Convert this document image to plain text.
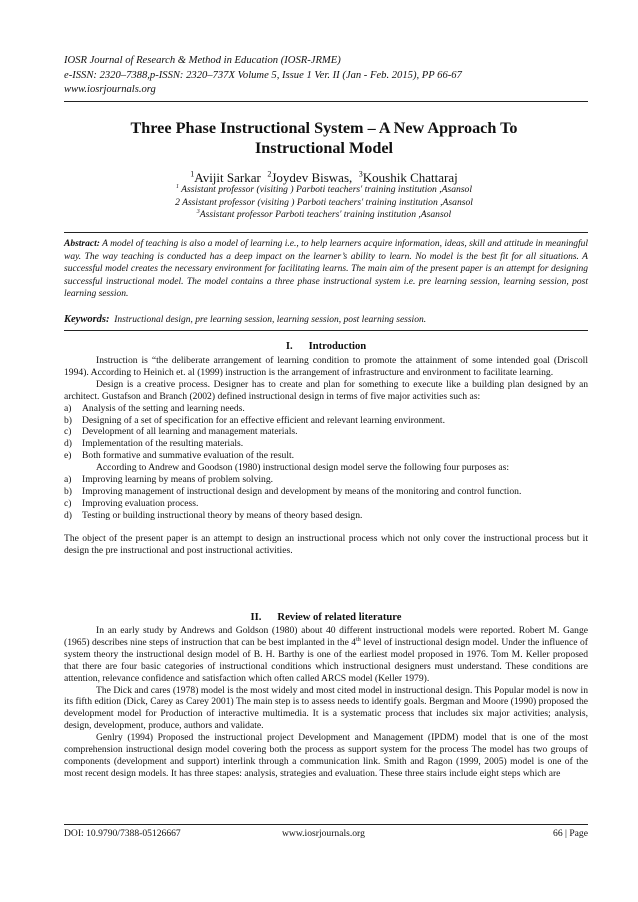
IOSR Journal of Research & Method in Education (IOSR-JRME)
e-ISSN: 2320–7388,p-ISSN: 2320–737X Volume 5, Issue 1 Ver. II (Jan - Feb. 2015), PP 66-67
www.iosrjournals.org
Three Phase Instructional System – A New Approach To
Instructional Model
$^1$Avijit Sarkar $^2$Joydev Biswas, $^3$Koushik Chattaraj
$^1$ Assistant professor (visiting ) Parboti teachers' training institution ,Asansol
2 Assistant professor (visiting ) Parboti teachers' training institution ,Asansol
$^3$Assistant professor Parboti teachers' training institution ,Asansol
Abstract: A model of teaching is also a model of learning i.e., to help learners acquire information, ideas, skill and attitude in meaningful way. The way teaching is conducted has a deep impact on the learner’s ability to learn. No model is the best fit for all situations. A successful model creates the necessary environment for facilitating learns. The main aim of the present paper is an attempt for designing successful instructional model. The model contains a three phase instructional system i.e. pre learning session, learning session, post learning session.
Keywords: Instructional design, pre learning session, learning session, post learning session.
I. Introduction

Instruction is “the deliberate arrangement of learning condition to promote the attainment of some intended goal (Driscoll 1994). According to Heinich et. al (1999) instruction is the arrangement of infrastructure and environment to facilitate learning.

Design is a creative process. Designer has to create and plan for something to execute like a building plan designed by an architect. Gustafson and Branch (2002) defined instructional design in terms of five major activities such as:

a) Analysis of the setting and learning needs.
b) Designing of a set of specification for an effective efficient and relevant learning environment.
c) Development of all learning and management materials.
d) Implementation of the resulting materials.
e) Both formative and summative evaluation of the result.

According to Andrew and Goodson (1980) instructional design model serve the following four purposes as:

a) Improving learning by means of problem solving.
b) Improving management of instructional design and development by means of the monitoring and control function.
c) Improving evaluation process.
d) Testing or building instructional theory by means of theory based design.

The object of the present paper is an attempt to design an instructional process which not only cover the instructional process but it design the pre instructional and post instructional activities.

II. Review of related literature

In an early study by Andrews and Goldson (1980) about 40 different instructional models were reported. Robert M. Gange (1965) describes nine steps of instruction that can be best implanted in the 4th level of instructional design model. Under the influence of system theory the instructional design model of B. H. Barthy is one of the earliest model proposed in 1976. Tom M. Keller proposed that there are four basic categories of instructional conditions which instructional designers must understand. These conditions are attention, relevance confidence and satisfaction which often called ARCS model (Keller 1979).

The Dick and cares (1978) model is the most widely and most cited model in instructional design. This Popular model is now in its fifth edition (Dick, Carey as Carey 2001) The main step is to assess needs to identify goals. Bergman and Moore (1990) proposed the development model for Production of interactive multimedia. It is a systematic process that includes six major activities; analysis, design, development, produce, authors and validate.

Genlry (1994) Proposed the instructional project Development and Management (IPDM) model that is one of the most comprehension instructional design model covering both the process as support system for the process The model has two groups of components (development and support) interlink through a communication link. Smith and Ragon (1999, 2005) model is one of the most recent design models. It has three stapes: analysis, strategies and evaluation. These three stairs include eight steps which are

DOI: 10.9790/7388-05126667	www.iosrjournals.org	66 | Page
